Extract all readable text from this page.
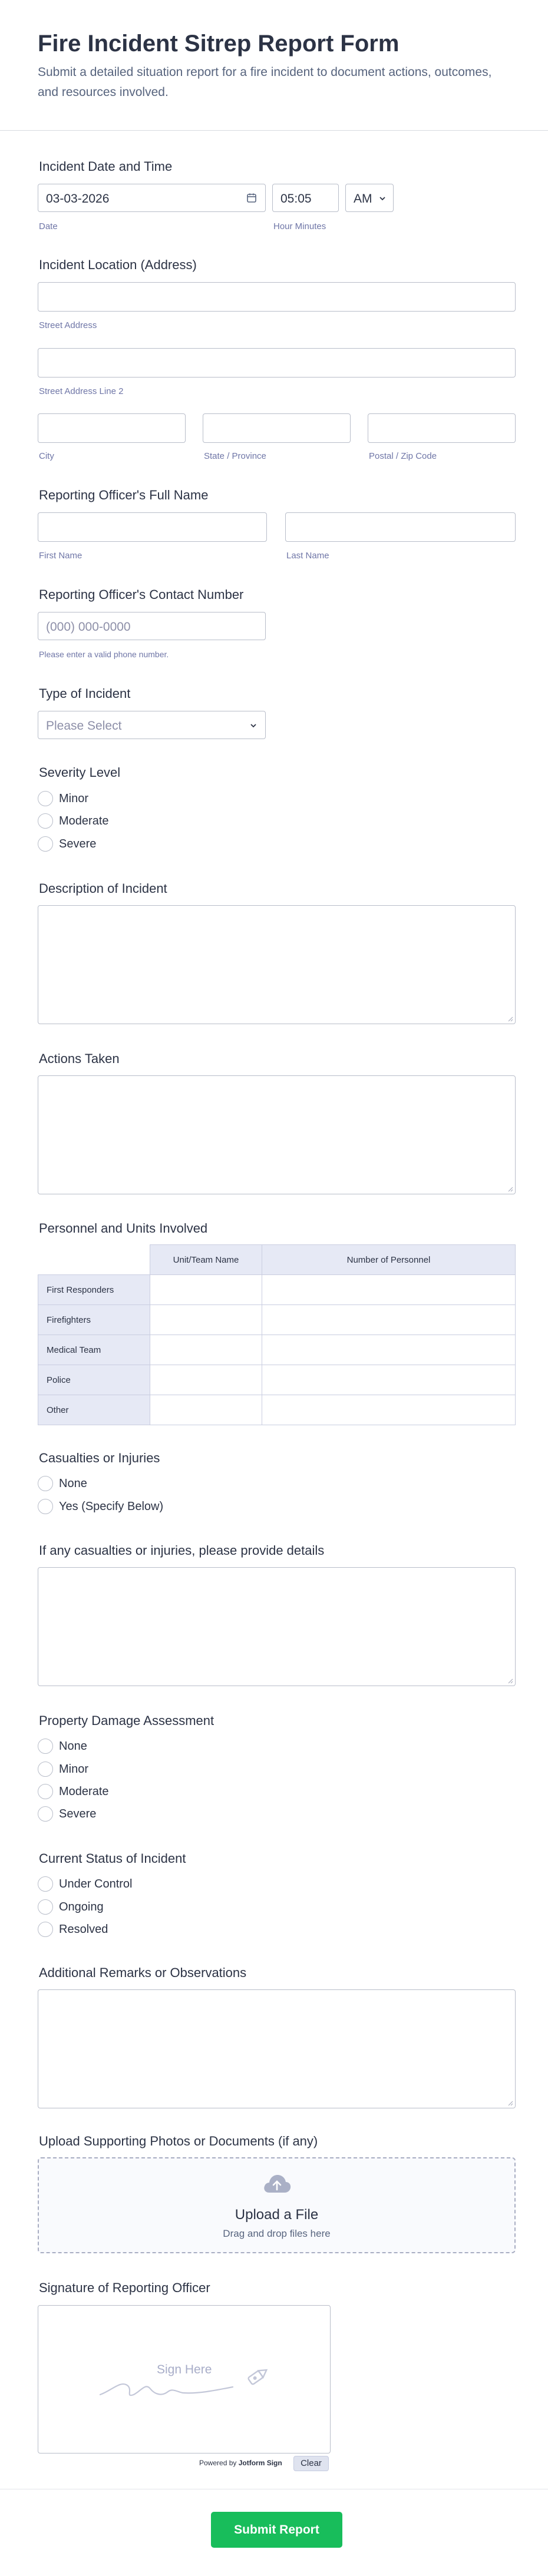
Fire Incident Sitrep Report Form
Submit a detailed situation report for a fire incident to document actions, outcomes, and resources involved.
Incident Date and Time
03-03-2026
Date
05:05	AM
Hour Minutes
Incident Location (Address)
Street Address
Street Address Line 2
City	State / Province	Postal / Zip Code
Reporting Officer's Full Name
First Name	Last Name
Reporting Officer's Contact Number
(000) 000-0000
Please enter a valid phone number.
Type of Incident
Please Select
Severity Level
Minor
Moderate
Severe
Description of Incident
Actions Taken
Personnel and Units Involved
	Unit/Team Name	Number of Personnel
First Responders		
Firefighters		
Medical Team		
Police		
Other		
Casualties or Injuries
None
Yes (Specify Below)
If any casualties or injuries, please provide details
Property Damage Assessment
None
Minor
Moderate
Severe
Current Status of Incident
Under Control
Ongoing
Resolved
Additional Remarks or Observations
Upload Supporting Photos or Documents (if any)
Upload a File
Drag and drop files here
Signature of Reporting Officer
Sign Here
Powered by Jotform Sign	Clear
Submit Report
